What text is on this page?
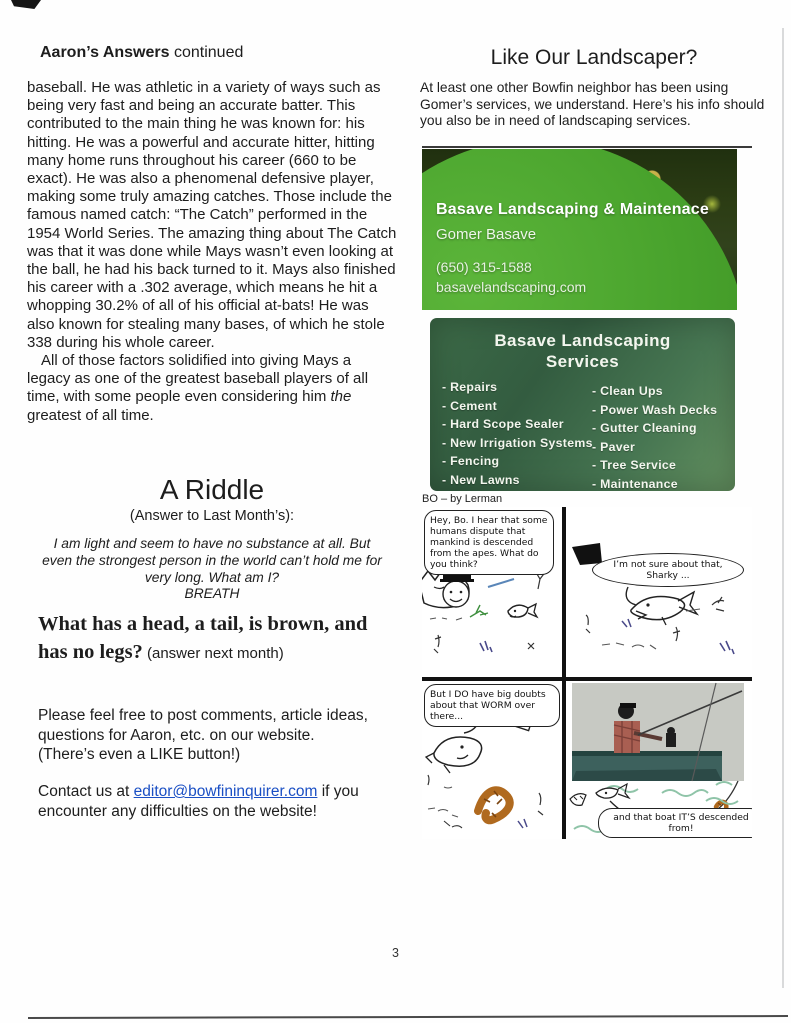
Aaron’s Answers continued

baseball. He was athletic in a variety of ways such as being very fast and being an accurate batter. This contributed to the main thing he was known for: his hitting. He was a powerful and accurate hitter, hitting many home runs throughout his career (660 to be exact). He was also a phenomenal defensive player, making some truly amazing catches. Those include the famous named catch: “The Catch” performed in the 1954 World Series. The amazing thing about The Catch was that it was done while Mays wasn’t even looking at the ball, he had his back turned to it. Mays also finished his career with a .302 average, which means he hit a whopping 30.2% of all of his official at-bats! He was also known for stealing many bases, of which he stole 338 during his whole career.

All of those factors solidified into giving Mays a legacy as one of the greatest baseball players of all time, with some people even considering him the greatest of all time.

A Riddle
(Answer to Last Month’s):
I am light and seem to have no substance at all. But even the strongest person in the world can’t hold me for very long. What am I?
BREATH
What has a head, a tail, is brown, and has no legs? (answer next month)

Please feel free to post comments, article ideas, questions for Aaron, etc. on our website.

(There’s even a LIKE button!)

Contact us at editor@bowfininquirer.com if you encounter any difficulties on the website!
Like Our Landscaper?

At least one other Bowfin neighbor has been using Gomer’s services, we understand. Here’s his info should you also be in need of landscaping services.

Basave Landscaping & Maintenace
Gomer Basave
(650) 315-1588
basavelandscaping.com
Basave Landscaping
Services
- Repairs
- Cement
- Hard Scope Sealer
- New Irrigation Systems
- Fencing
- New Lawns
- Clean Ups
- Power Wash Decks
- Gutter Cleaning
- Paver
- Tree Service
- Maintenance
BO – by Lerman
Hey, Bo. I hear that some humans dispute that mankind is descended from the apes. What do you think?	I’m not sure about that, Sharky ...
But I DO have big doubts about that WORM over there...
and that boat IT’S descended from!
3
